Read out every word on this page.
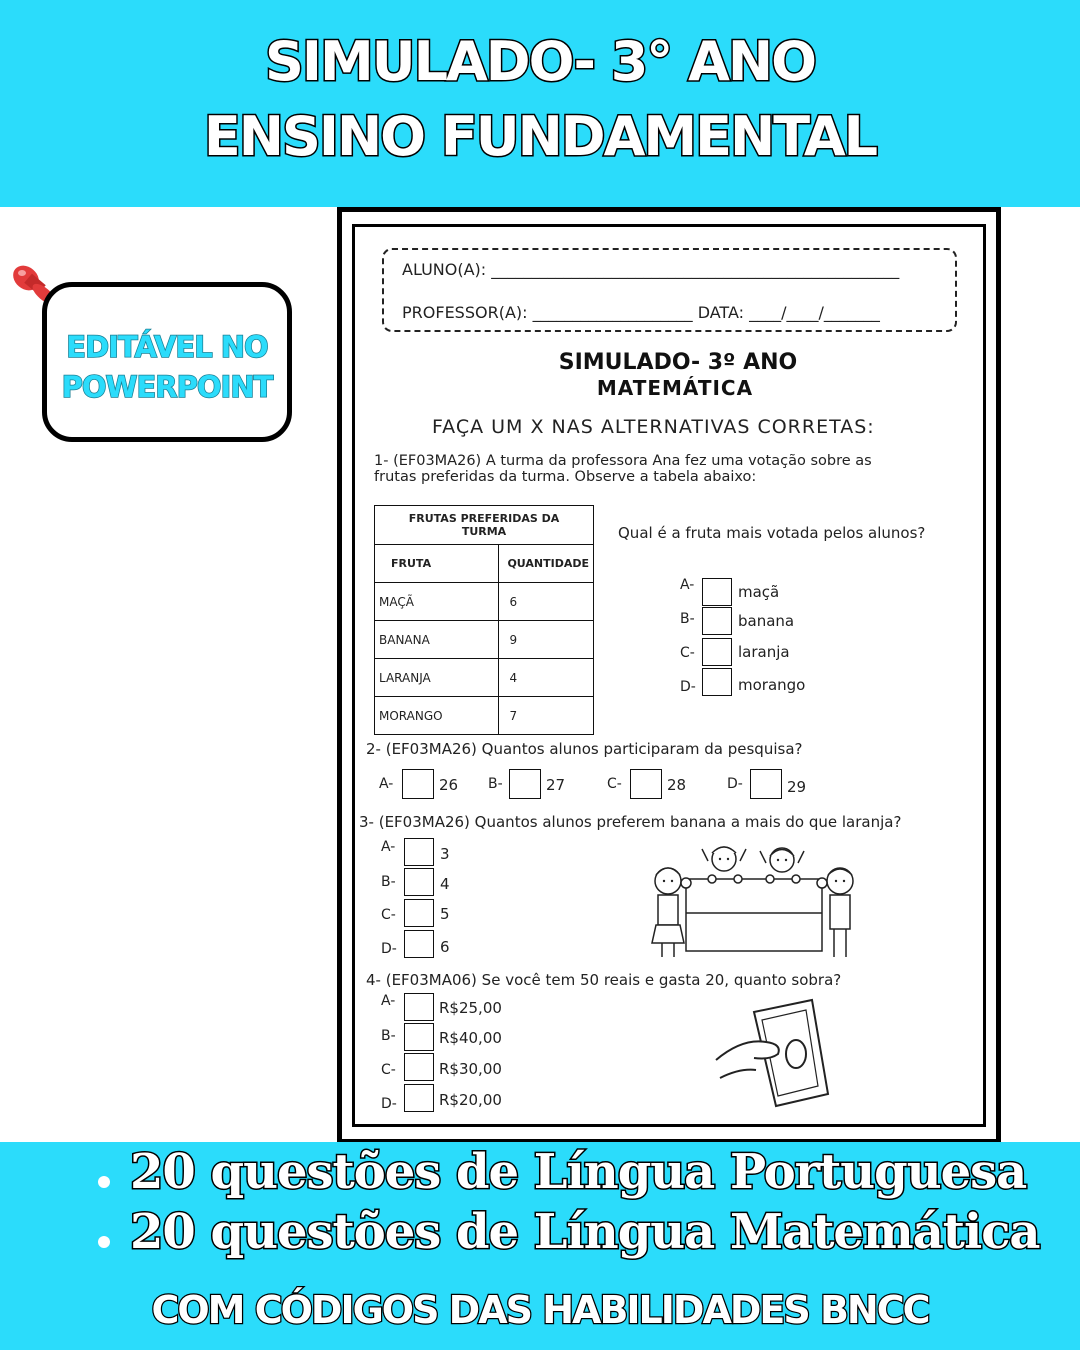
SIMULADO- 3° ANO
ENSINO FUNDAMENTAL
EDITÁVEL NO
POWERPOINT
ALUNO(A): ___________________________________________________
PROFESSOR(A): ____________________ DATA: ____/____/_______
SIMULADO- 3º ANO
MATEMÁTICA
FAÇA UM X NAS ALTERNATIVAS CORRETAS:
1- (EF03MA26) A turma da professora Ana fez uma votação sobre as
frutas preferidas da turma. Observe a tabela abaixo:
FRUTAS PREFERIDAS DA TURMA	
FRUTA	QUANTIDADE
MAÇÃ	6
BANANA	9
LARANJA	4
MORANGO	7
Qual é a fruta mais votada pelos alunos?
A-	maçã
B-	banana
C-	laranja
D-	morango
2- (EF03MA26) Quantos alunos participaram da pesquisa?
A-	26 B-	27	C-	28	D-	29
3- (EF03MA26) Quantos alunos preferem banana a mais do que laranja?
A-	3
B-	4
C-	5
D-	6
4- (EF03MA06) Se você tem 50 reais e gasta 20, quanto sobra?
A-	R$25,00
B-	R$40,00
C-	R$30,00
D-	R$20,00
20 questões de Língua Portuguesa
20 questões de Língua Matemática
COM CÓDIGOS DAS HABILIDADES BNCC
